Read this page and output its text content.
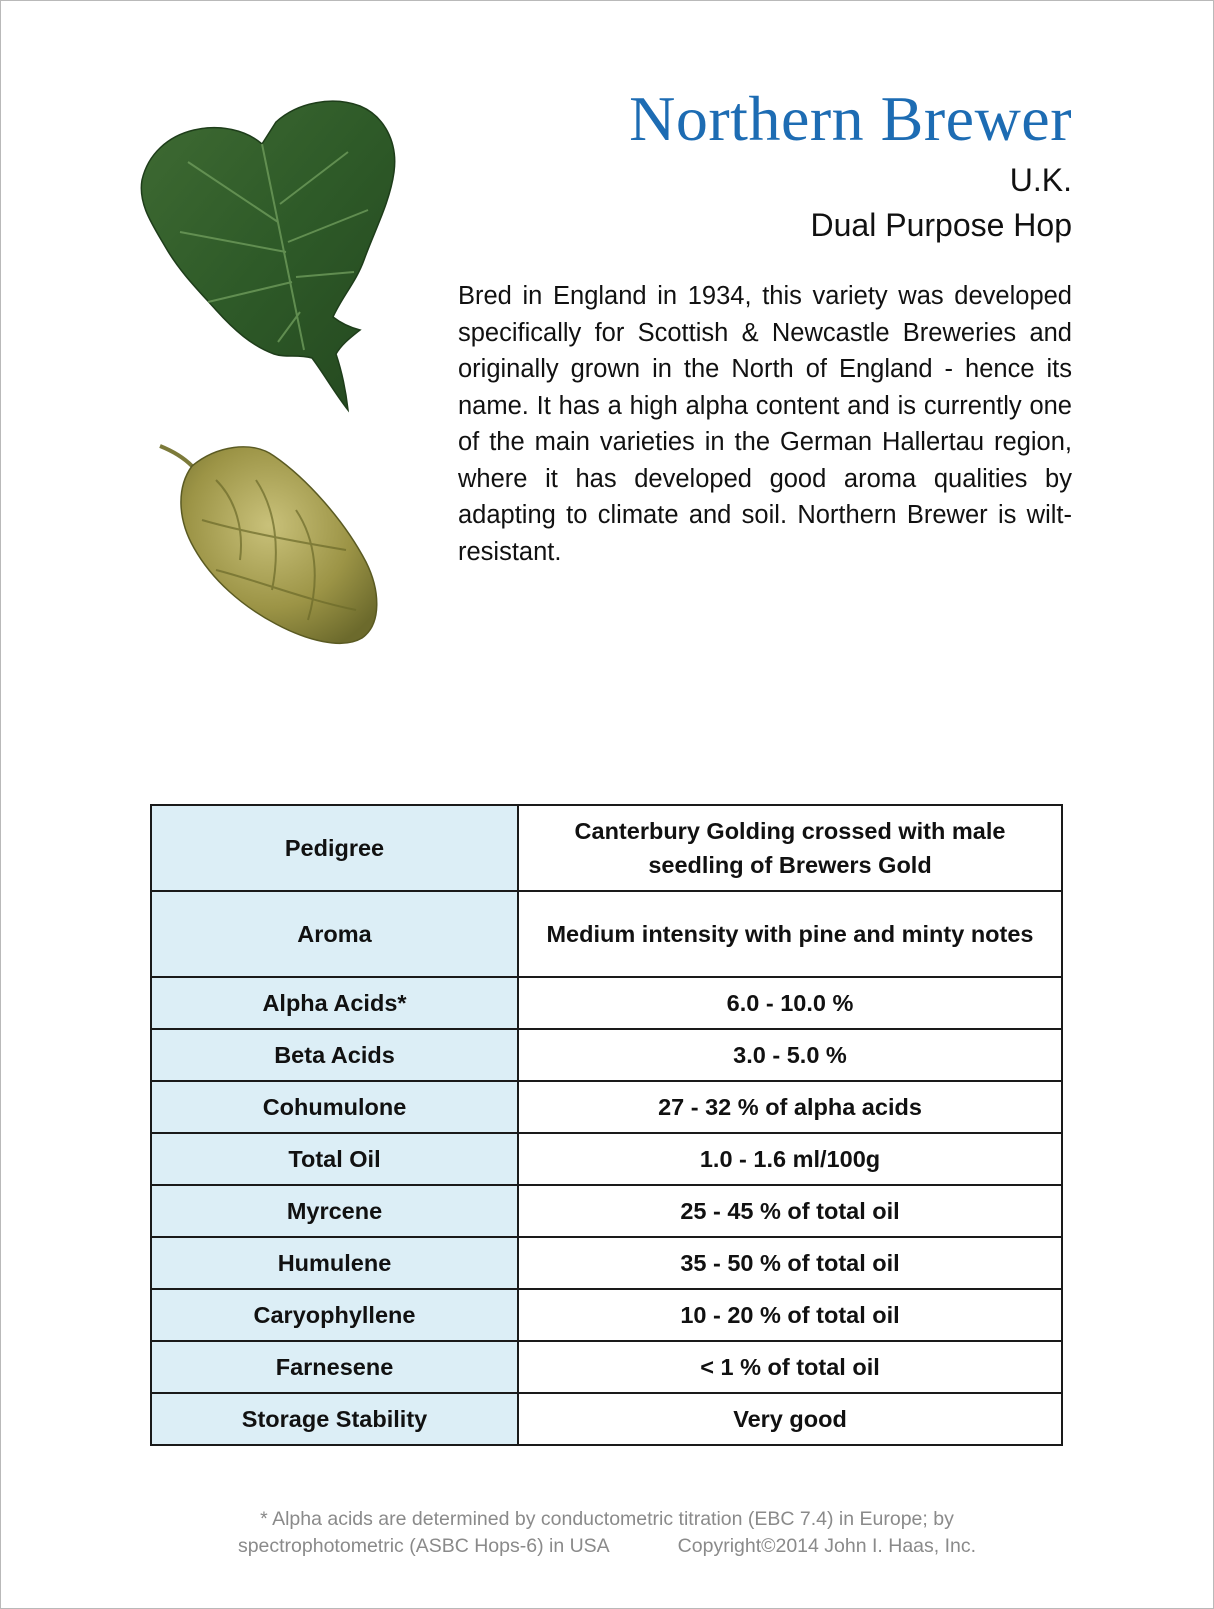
Northern Brewer
U.K.
Dual Purpose Hop
Bred in England in 1934, this variety was developed specifically for Scottish & Newcastle Breweries and originally grown in the North of England - hence its name. It has a high alpha content and is currently one of the main varieties in the German Hallertau region, where it has developed good aroma qualities by adapting to climate and soil. Northern Brewer is wilt-resistant.
Pedigree	Canterbury Golding crossed with male seedling of Brewers Gold
Aroma	Medium intensity with pine and minty notes
Alpha Acids*	6.0 - 10.0 %
Beta Acids	3.0 - 5.0 %
Cohumulone	27 - 32 % of alpha acids
Total Oil	1.0 - 1.6 ml/100g
Myrcene	25 - 45 % of total oil
Humulene	35 - 50 % of total oil
Caryophyllene	10 - 20 % of total oil
Farnesene	< 1 % of total oil
Storage Stability	Very good
* Alpha acids are determined by conductometric titration (EBC 7.4) in Europe; by
spectrophotometric (ASBC Hops-6) in USA	Copyright©2014 John I. Haas, Inc.
